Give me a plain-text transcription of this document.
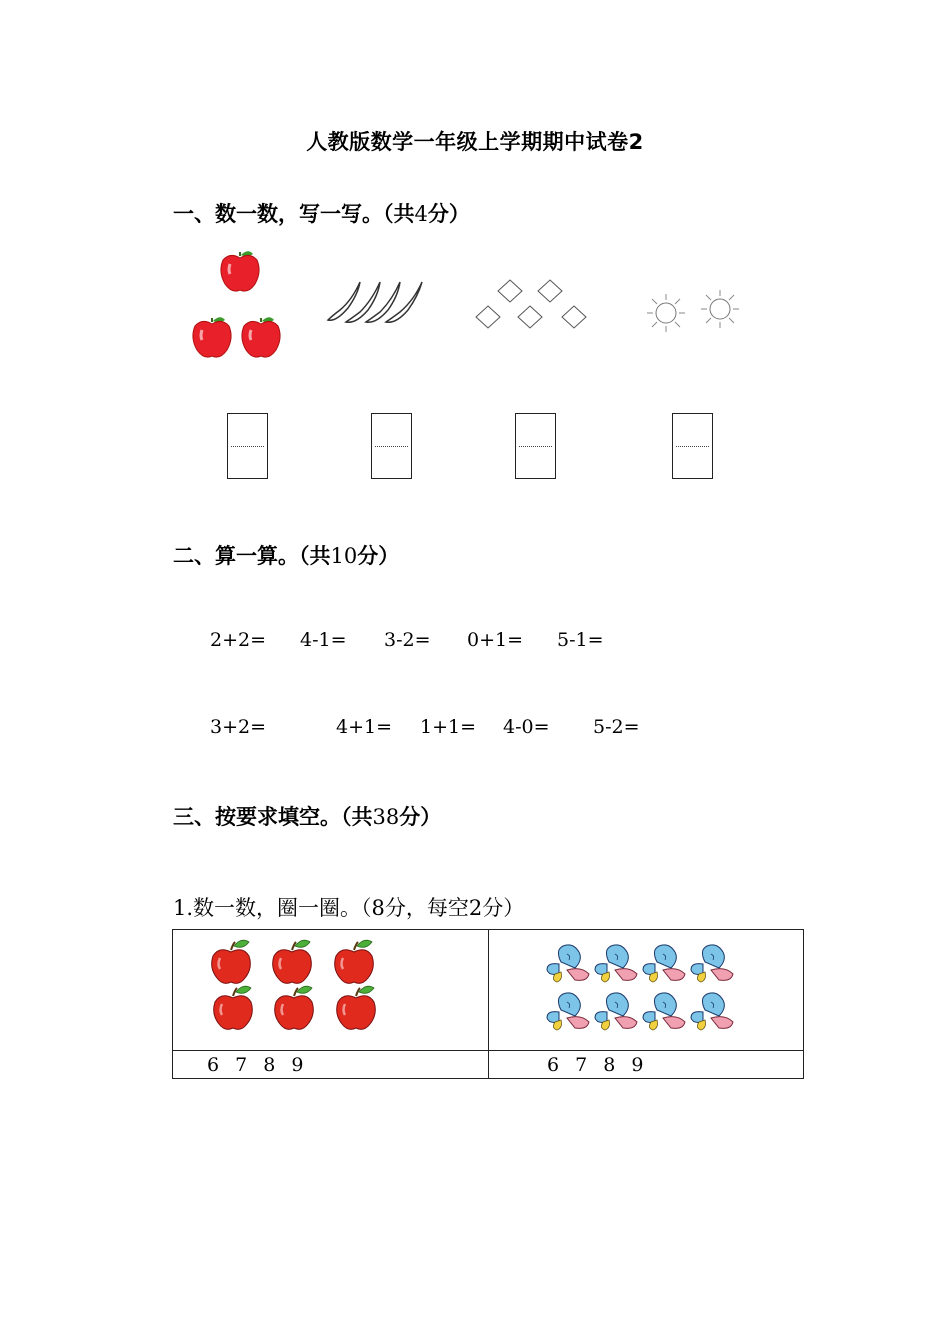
人教版数学一年级上学期期中试卷2
一、数一数，写一写。（共4分）
二、算一算。（共10分）
2+2= 4-1= 3-2= 0+1= 5-1=
3+2=	4+1= 1+1= 4-0= 5-2=
三、按要求填空。（共38分）
1.数一数，圈一圈。（8分，每空2分）
6 7 8 9	6 7 8 9
